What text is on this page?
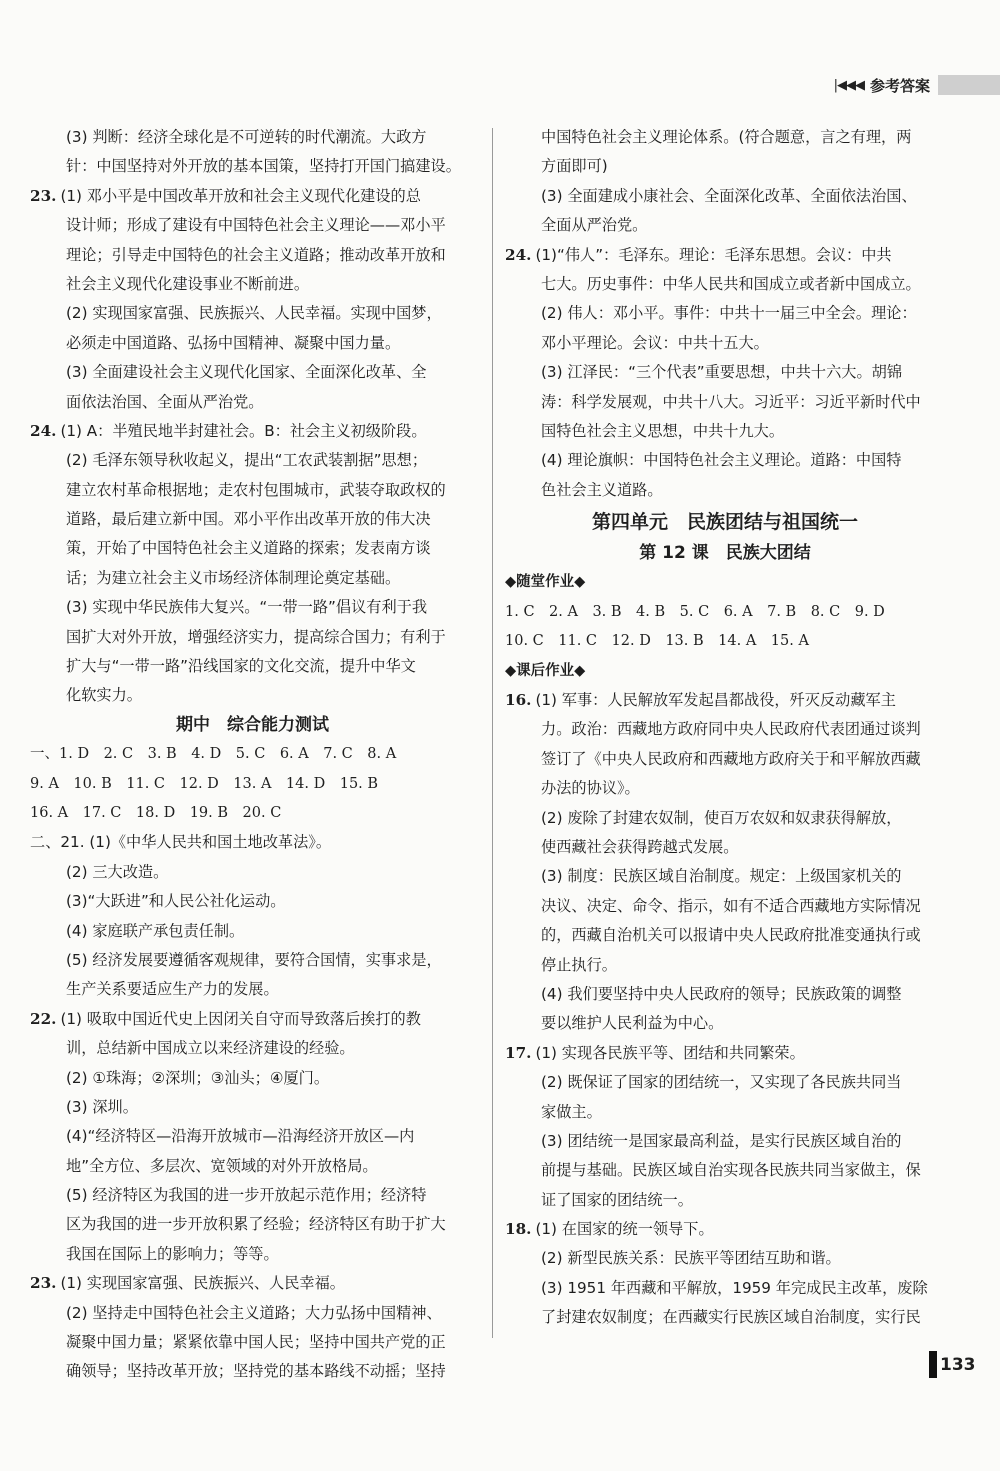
|◀◀◀ 参考答案
(3) 判断：经济全球化是不可逆转的时代潮流。大政方
针：中国坚持对外开放的基本国策，坚持打开国门搞建设。
23. (1) 邓小平是中国改革开放和社会主义现代化建设的总
设计师；形成了建设有中国特色社会主义理论——邓小平
理论；引导走中国特色的社会主义道路；推动改革开放和
社会主义现代化建设事业不断前进。
(2) 实现国家富强、民族振兴、人民幸福。实现中国梦，
必须走中国道路、弘扬中国精神、凝聚中国力量。
(3) 全面建设社会主义现代化国家、全面深化改革、全
面依法治国、全面从严治党。
24. (1) A：半殖民地半封建社会。B：社会主义初级阶段。
(2) 毛泽东领导秋收起义，提出“工农武装割据”思想；
建立农村革命根据地；走农村包围城市，武装夺取政权的
道路，最后建立新中国。邓小平作出改革开放的伟大决
策，开始了中国特色社会主义道路的探索；发表南方谈
话；为建立社会主义市场经济体制理论奠定基础。
(3) 实现中华民族伟大复兴。“一带一路”倡议有利于我
国扩大对外开放，增强经济实力，提高综合国力；有利于
扩大与“一带一路”沿线国家的文化交流，提升中华文
化软实力。
期中　综合能力测试
一、1. D　2. C　3. B　4. D　5. C　6. A　7. C　8. A
9. A　10. B　11. C　12. D　13. A　14. D　15. B
16. A　17. C　18. D　19. B　20. C
二、21. (1)《中华人民共和国土地改革法》。
(2) 三大改造。
(3)“大跃进”和人民公社化运动。
(4) 家庭联产承包责任制。
(5) 经济发展要遵循客观规律，要符合国情，实事求是，
生产关系要适应生产力的发展。
22. (1) 吸取中国近代史上因闭关自守而导致落后挨打的教
训，总结新中国成立以来经济建设的经验。
(2) ①珠海；②深圳；③汕头；④厦门。
(3) 深圳。
(4)“经济特区—沿海开放城市—沿海经济开放区—内
地”全方位、多层次、宽领域的对外开放格局。
(5) 经济特区为我国的进一步开放起示范作用；经济特
区为我国的进一步开放积累了经验；经济特区有助于扩大
我国在国际上的影响力；等等。
23. (1) 实现国家富强、民族振兴、人民幸福。
(2) 坚持走中国特色社会主义道路；大力弘扬中国精神、
凝聚中国力量；紧紧依靠中国人民；坚持中国共产党的正
确领导；坚持改革开放；坚持党的基本路线不动摇；坚持
中国特色社会主义理论体系。(符合题意，言之有理，两
方面即可)
(3) 全面建成小康社会、全面深化改革、全面依法治国、
全面从严治党。
24. (1)“伟人”：毛泽东。理论：毛泽东思想。会议：中共
七大。历史事件：中华人民共和国成立或者新中国成立。
(2) 伟人：邓小平。事件：中共十一届三中全会。理论：
邓小平理论。会议：中共十五大。
(3) 江泽民：“三个代表”重要思想，中共十六大。胡锦
涛：科学发展观，中共十八大。习近平：习近平新时代中
国特色社会主义思想，中共十九大。
(4) 理论旗帜：中国特色社会主义理论。道路：中国特
色社会主义道路。
第四单元　民族团结与祖国统一
第 12 课　民族大团结
◆随堂作业◆
1. C　2. A　3. B　4. B　5. C　6. A　7. B　8. C　9. D
10. C　11. C　12. D　13. B　14. A　15. A
◆课后作业◆
16. (1) 军事：人民解放军发起昌都战役，歼灭反动藏军主
力。政治：西藏地方政府同中央人民政府代表团通过谈判
签订了《中央人民政府和西藏地方政府关于和平解放西藏
办法的协议》。
(2) 废除了封建农奴制，使百万农奴和奴隶获得解放，
使西藏社会获得跨越式发展。
(3) 制度：民族区域自治制度。规定：上级国家机关的
决议、决定、命令、指示，如有不适合西藏地方实际情况
的，西藏自治机关可以报请中央人民政府批准变通执行或
停止执行。
(4) 我们要坚持中央人民政府的领导；民族政策的调整
要以维护人民利益为中心。
17. (1) 实现各民族平等、团结和共同繁荣。
(2) 既保证了国家的团结统一，又实现了各民族共同当
家做主。
(3) 团结统一是国家最高利益，是实行民族区域自治的
前提与基础。民族区域自治实现各民族共同当家做主，保
证了国家的团结统一。
18. (1) 在国家的统一领导下。
(2) 新型民族关系：民族平等团结互助和谐。
(3) 1951 年西藏和平解放，1959 年完成民主改革，废除
了封建农奴制度；在西藏实行民族区域自治制度，实行民
133
